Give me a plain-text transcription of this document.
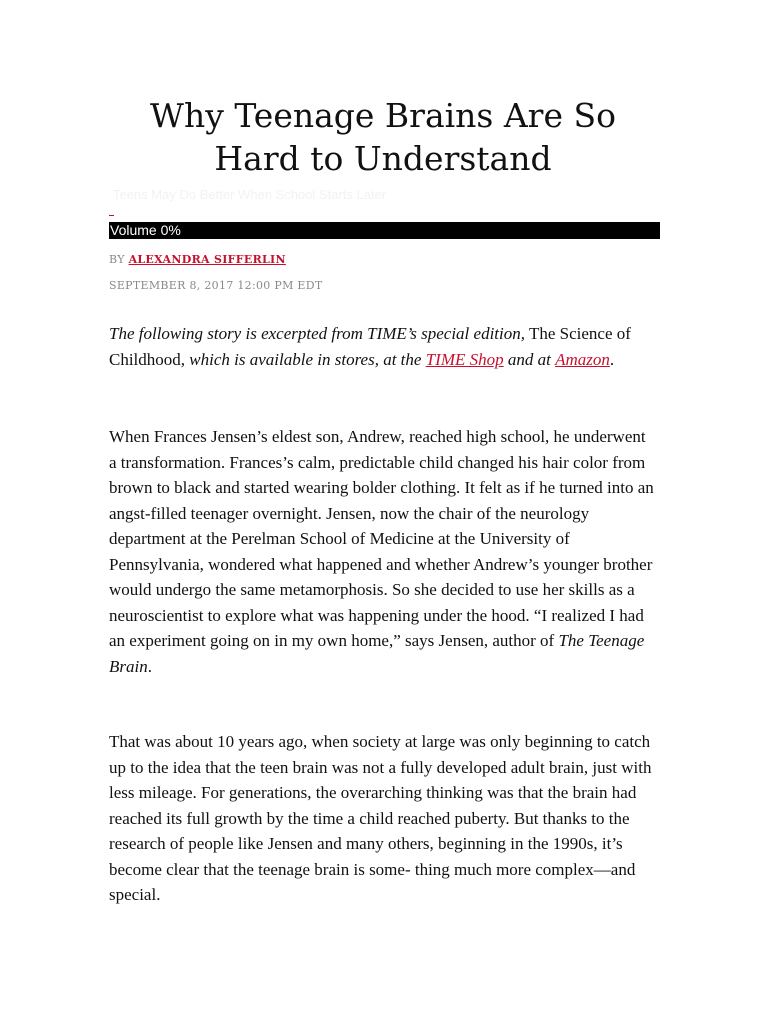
Why Teenage Brains Are So Hard to Understand
Teens May Do Better When School Starts Later
Volume 0%
BY ALEXANDRA SIFFERLIN
SEPTEMBER 8, 2017 12:00 PM EDT

The following story is excerpted from TIME’s special edition, The Science of Childhood, which is available in stores, at the TIME Shop and at Amazon.

When Frances Jensen’s eldest son, Andrew, reached high school, he underwent a transformation. Frances’s calm, predictable child changed his hair color from brown to black and started wearing bolder clothing. It felt as if he turned into an angst-filled teenager overnight. Jensen, now the chair of the neurology department at the Perelman School of Medicine at the University of Pennsylvania, wondered what happened and whether Andrew’s younger brother would undergo the same metamorphosis. So she decided to use her skills as a neuroscientist to explore what was happening under the hood. “I realized I had an experiment going on in my own home,” says Jensen, author of The Teenage Brain.

That was about 10 years ago, when society at large was only beginning to catch up to the idea that the teen brain was not a fully developed adult brain, just with less mileage. For generations, the overarching thinking was that the brain had reached its full growth by the time a child reached puberty. But thanks to the research of people like Jensen and many others, beginning in the 1990s, it’s become clear that the teenage brain is some- thing much more complex—and special.
